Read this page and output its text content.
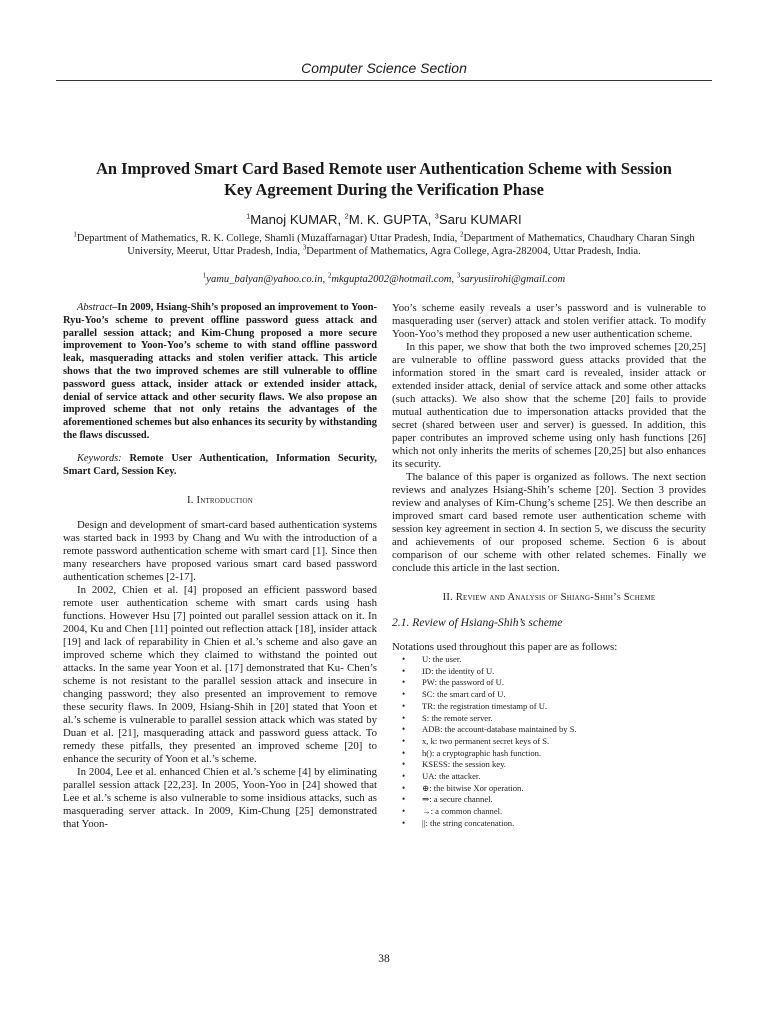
Computer Science Section
An Improved Smart Card Based Remote user Authentication Scheme with Session
Key Agreement During the Verification Phase
$^1$Manoj KUMAR, $^2$M. K. GUPTA, $^3$Saru KUMARI
$^1$Department of Mathematics, R. K. College, Shamli (Muzaffarnagar) Uttar Pradesh, India, $^2$Department of Mathematics, Chaudhary Charan Singh University, Meerut, Uttar Pradesh, India, $^3$Department of Mathematics, Agra College, Agra-282004, Uttar Pradesh, India.
$^1$yamu_balyan@yahoo.co.in, $^2$mkgupta2002@hotmail.com, $^3$saryusiirohi@gmail.com

Abstract–In 2009, Hsiang-Shih’s proposed an improvement to Yoon-Ryu-Yoo’s scheme to prevent offline password guess attack and parallel session attack; and Kim-Chung proposed a more secure improvement to Yoon-Yoo’s scheme to with stand offline password leak, masquerading attacks and stolen verifier attack. This article shows that the two improved schemes are still vulnerable to offline password guess attack, insider attack or extended insider attack, denial of service attack and other security flaws. We also propose an improved scheme that not only retains the advantages of the aforementioned schemes but also enhances its security by withstanding the flaws discussed.

Keywords: Remote User Authentication, Information Security, Smart Card, Session Key.

I. Introduction

Design and development of smart-card based authentication systems was started back in 1993 by Chang and Wu with the introduction of a remote password authentication scheme with smart card [1]. Since then many researchers have proposed various smart card based password authentication schemes [2-17].

In 2002, Chien et al. [4] proposed an efficient password based remote user authentication scheme with smart cards using hash functions. However Hsu [7] pointed out parallel session attack on it. In 2004, Ku and Chen [11] pointed out reflection attack [18], insider attack [19] and lack of reparability in Chien et al.’s scheme and also gave an improved scheme which they claimed to withstand the pointed out attacks. In the same year Yoon et al. [17] demonstrated that Ku- Chen’s scheme is not resistant to the parallel session attack and insecure in changing password; they also presented an improvement to remove these security flaws. In 2009, Hsiang-Shih in [20] stated that Yoon et al.’s scheme is vulnerable to parallel session attack which was stated by Duan et al. [21], masquerading attack and password guess attack. To remedy these pitfalls, they presented an improved scheme [20] to enhance the security of Yoon et al.’s scheme.

In 2004, Lee et al. enhanced Chien et al.’s scheme [4] by eliminating parallel session attack [22,23]. In 2005, Yoon-Yoo in [24] showed that Lee et al.’s scheme is also vulnerable to some insidious attacks, such as masquerading server attack. In 2009, Kim-Chung [25] demonstrated that Yoon-

Yoo’s scheme easily reveals a user’s password and is vulnerable to masquerading user (server) attack and stolen verifier attack. To modify Yoon-Yoo’s method they proposed a new user authentication scheme.

In this paper, we show that both the two improved schemes [20,25] are vulnerable to offline password guess attacks provided that the information stored in the smart card is revealed, insider attack or extended insider attack, denial of service attack and some other attacks (such attacks). We also show that the scheme [20] fails to provide mutual authentication due to impersonation attacks provided that the secret (shared between user and server) is guessed. In addition, this paper contributes an improved scheme using only hash functions [26] which not only inherits the merits of schemes [20,25] but also enhances its security.

The balance of this paper is organized as follows. The next section reviews and analyzes Hsiang-Shih’s scheme [20]. Section 3 provides review and analyses of Kim-Chung’s scheme [25]. We then describe an improved smart card based remote user authentication scheme with session key agreement in section 4. In section 5, we discuss the security and achievements of our proposed scheme. Section 6 is about comparison of our scheme with other related schemes. Finally we conclude this article in the last section.

II. Review and Analysis of Shiang-Shih’s Scheme

2.1. Review of Hsiang-Shih’s scheme

Notations used throughout this paper are as follows:

• U: the user.
• ID: the identity of U.
• PW: the password of U.
• SC: the smart card of U.
• TR: the registration timestamp of U.
• S: the remote server.
• ADB: the account-database maintained by S.
• x, k: two permanent secret keys of S.
• h(): a cryptographic hash function.
• KSESS: the session key.
• UA: the attacker.
• ⊕: the bitwise Xor operation.
• ⇒: a secure channel.
• →: a common channel.
• ||: the string concatenation.
38
